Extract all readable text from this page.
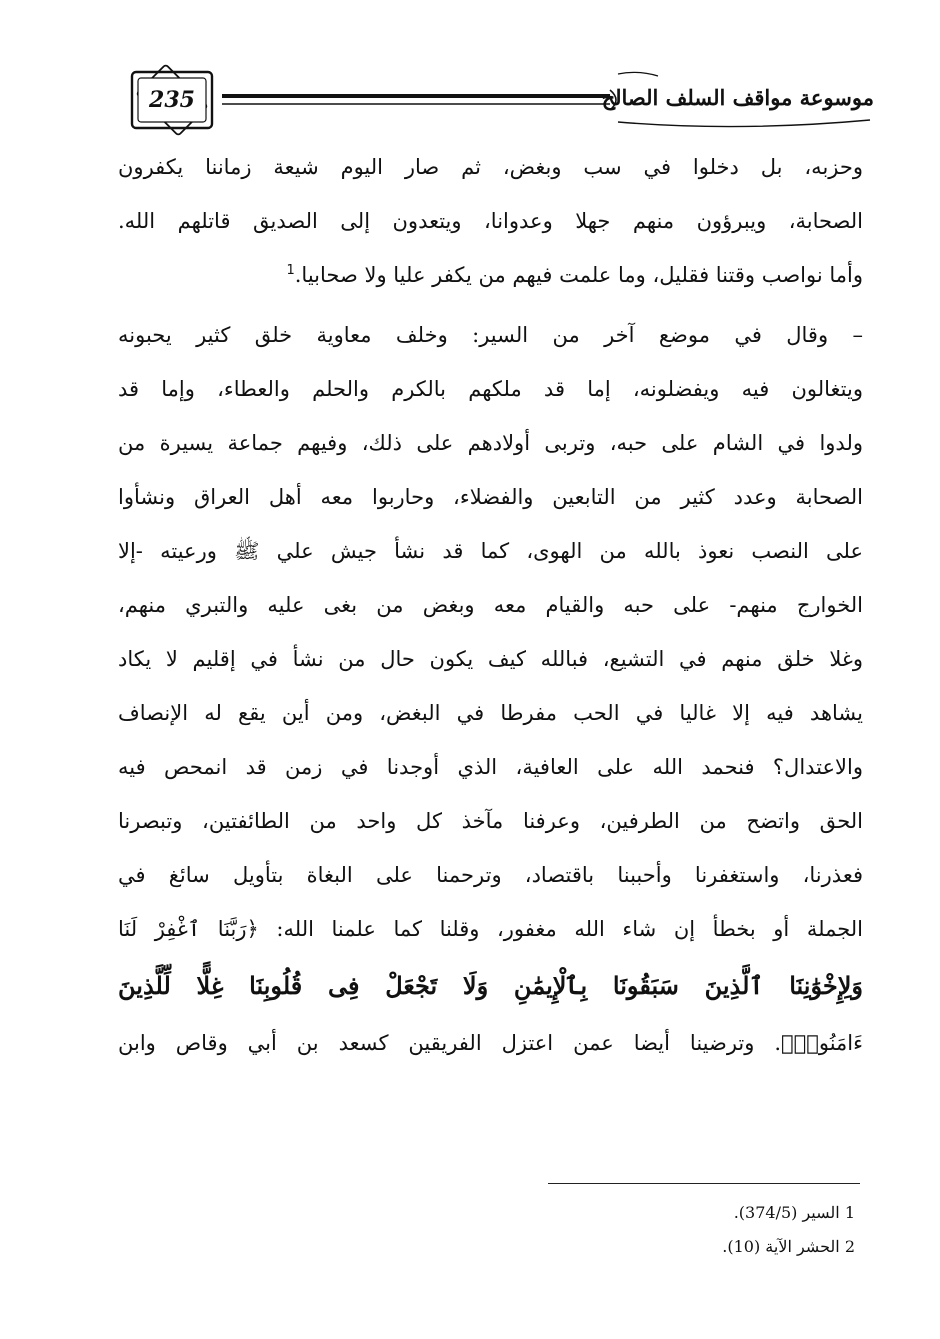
235	موسوعة مواقف السلف الصالح
وحزبه، بل دخلوا في سب وبغض، ثم صار اليوم شيعة زماننا يكفرون
الصحابة، ويبرؤون منهم جهلا وعدوانا، ويتعدون إلى الصديق قاتلهم الله.
وأما نواصب وقتنا فقليل، وما علمت فيهم من يكفر عليا ولا صحابيا.$^1$
– وقال في موضع آخر من السير: وخلف معاوية خلق كثير يحبونه
ويتغالون فيه ويفضلونه، إما قد ملكهم بالكرم والحلم والعطاء، وإما قد
ولدوا في الشام على حبه، وتربى أولادهم على ذلك، وفيهم جماعة يسيرة من
الصحابة وعدد كثير من التابعين والفضلاء، وحاربوا معه أهل العراق ونشأوا
على النصب نعوذ بالله من الهوى، كما قد نشأ جيش علي ﷺ ورعيته -إلا
الخوارج منهم- على حبه والقيام معه وبغض من بغى عليه والتبري منهم،
وغلا خلق منهم في التشيع، فبالله كيف يكون حال من نشأ في إقليم لا يكاد
يشاهد فيه إلا غاليا في الحب مفرطا في البغض، ومن أين يقع له الإنصاف
والاعتدال؟ فنحمد الله على العافية، الذي أوجدنا في زمن قد انمحص فيه
الحق واتضح من الطرفين، وعرفنا مآخذ كل واحد من الطائفتين، وتبصرنا
فعذرنا، واستغفرنا وأحببنا باقتصاد، وترحمنا على البغاة بتأويل سائغ في
الجملة أو بخطأ إن شاء الله مغفور، وقلنا كما علمنا الله: ﴿رَبَّنَا ٱغْفِرْ لَنَا
وَلِإِخْوَٰنِنَا ٱلَّذِينَ سَبَقُونَا بِٱلْإِيمَٰنِ وَلَا تَجْعَلْ فِى قُلُوبِنَا غِلًّا لِّلَّذِينَ
ءَامَنُوا۟﴾. وترضينا أيضا عمن اعتزل الفريقين كسعد بن أبي وقاص وابن
1 السير (374/5).
2 الحشر الآية (10).
